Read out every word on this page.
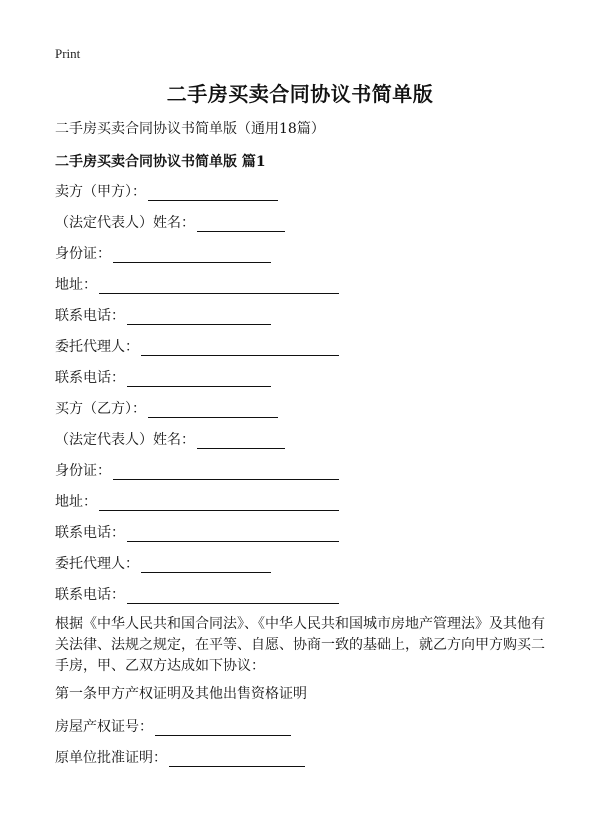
Print
二手房买卖合同协议书简单版
二手房买卖合同协议书简单版（通用18篇）
二手房买卖合同协议书简单版 篇1
卖方（甲方）：
（法定代表人）姓名：
身份证：
地址：
联系电话：
委托代理人：
联系电话：
买方（乙方）：
（法定代表人）姓名：
身份证：
地址：
联系电话：
委托代理人：
联系电话：
根据《中华人民共和国合同法》、《中华人民共和国城市房地产管理法》及其他有关法律、法规之规定，在平等、自愿、协商一致的基础上，就乙方向甲方购买二手房，甲、乙双方达成如下协议：
第一条甲方产权证明及其他出售资格证明
房屋产权证号：
原单位批准证明：
